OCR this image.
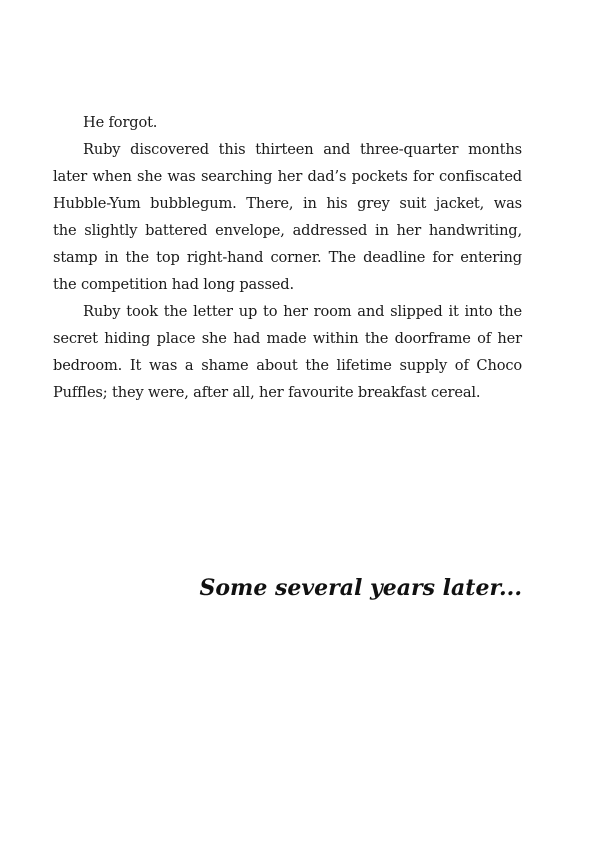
He forgot.
Ruby discovered this thirteen and three-quarter months
later when she was searching her dad’s pockets for confiscated
Hubble-Yum bubblegum. There, in his grey suit jacket, was
the slightly battered envelope, addressed in her handwriting,
stamp in the top right-hand corner. The deadline for entering
the competition had long passed.
Ruby took the letter up to her room and slipped it into the
secret hiding place she had made within the doorframe of her
bedroom. It was a shame about the lifetime supply of Choco
Puffles; they were, after all, her favourite breakfast cereal.
Some several years later...
